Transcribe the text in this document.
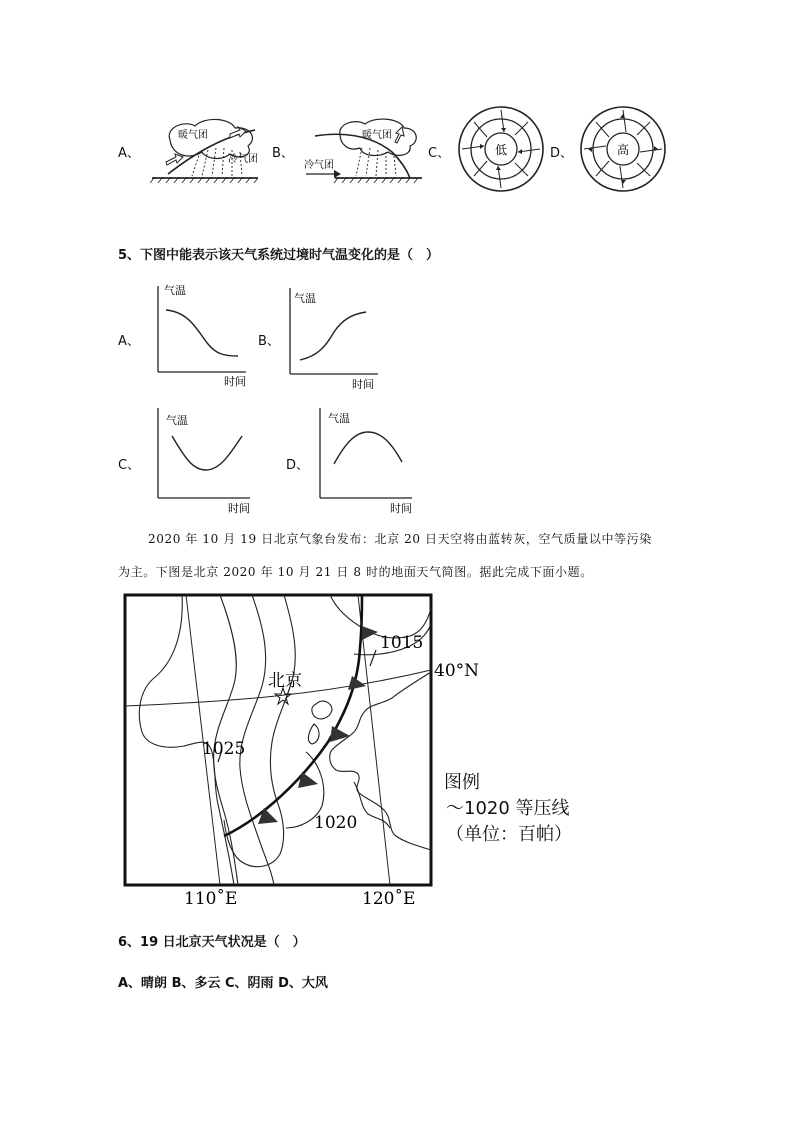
A、
暖气团
冷气团 B、
暖气团
冷气团
C、	低	D、	高
5、下图中能表示该天气系统过境时气温变化的是（　）
A、
气温
时间
B、
气温
时间
C、
气温
时间
D、
气温
时间
2020 年 10 月 19 日北京气象台发布：北京 20 日天空将由蓝转灰，空气质量以中等污染
为主。下图是北京 2020 年 10 月 21 日 8 时的地面天气简图。据此完成下面小题。
北京
1015
1025
1020
40°N
110˚E	120˚E
图例
～1020 等压线
（单位：百帕）
6、19 日北京天气状况是（　）
A、晴朗 B、多云 C、阴雨 D、大风
